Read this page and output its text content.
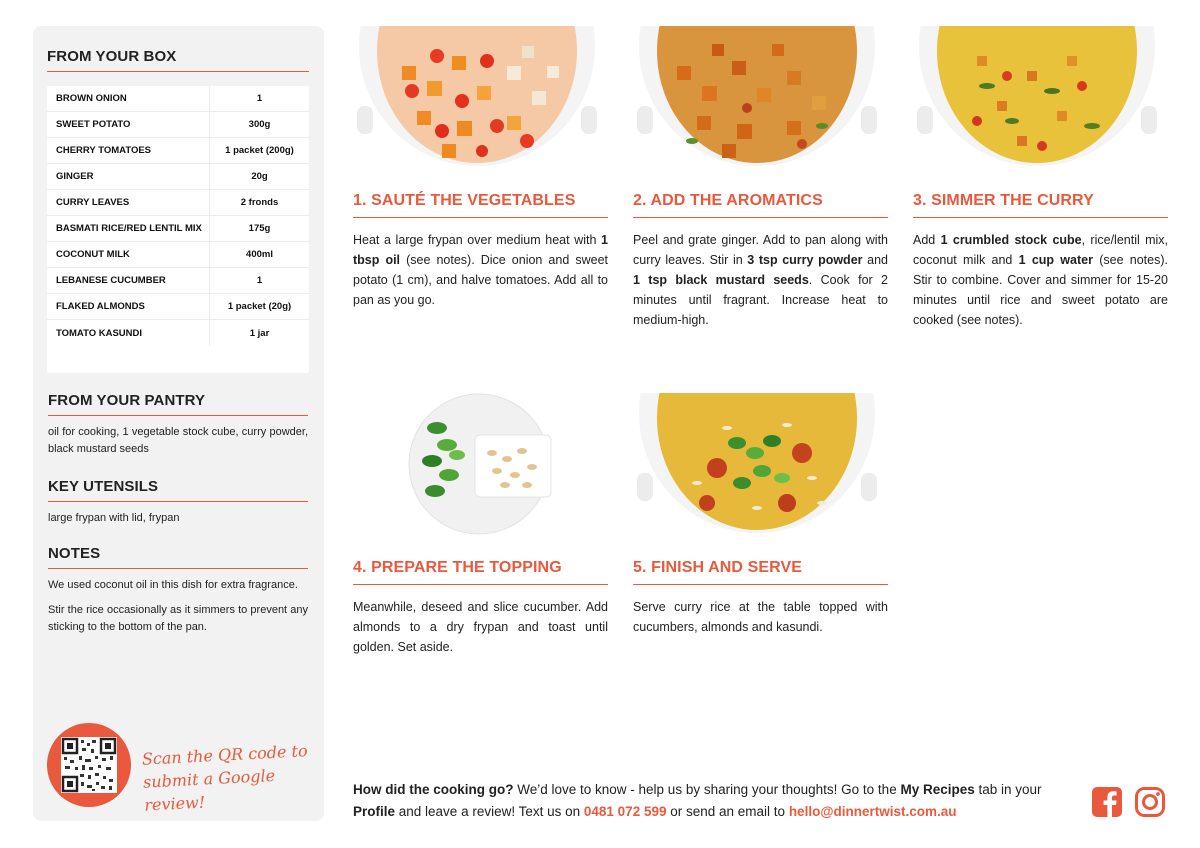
FROM YOUR BOX
BROWN ONION	1
SWEET POTATO	300g
CHERRY TOMATOES	1 packet (200g)
GINGER	20g
CURRY LEAVES	2 fronds
BASMATI RICE/RED LENTIL MIX	175g
COCONUT MILK	400ml
LEBANESE CUCUMBER	1
FLAKED ALMONDS	1 packet (20g)
TOMATO KASUNDI	1 jar
FROM YOUR PANTRY

oil for cooking, 1 vegetable stock cube, curry powder, black mustard seeds

KEY UTENSILS

large frypan with lid, frypan

NOTES

We used coconut oil in this dish for extra fragrance.

Stir the rice occasionally as it simmers to prevent any sticking to the bottom of the pan.

Scan the QR code to
submit a Google review!
1. SAUTÉ THE VEGETABLES
Heat a large frypan over medium heat with 1 tbsp oil (see notes). Dice onion and sweet potato (1 cm), and halve tomatoes. Add all to pan as you go.
2. ADD THE AROMATICS
Peel and grate ginger. Add to pan along with curry leaves. Stir in 3 tsp curry powder and 1 tsp black mustard seeds. Cook for 2 minutes until fragrant. Increase heat to medium-high.
3. SIMMER THE CURRY
Add 1 crumbled stock cube, rice/lentil mix, coconut milk and 1 cup water (see notes). Stir to combine. Cover and simmer for 15-20 minutes until rice and sweet potato are cooked (see notes).
4. PREPARE THE TOPPING
Meanwhile, deseed and slice cucumber. Add almonds to a dry frypan and toast until golden. Set aside.
5. FINISH AND SERVE
Serve curry rice at the table topped with cucumbers, almonds and kasundi.
How did the cooking go? We’d love to know - help us by sharing your thoughts! Go to the My Recipes tab in your Profile and leave a review! Text us on 0481 072 599 or send an email to hello@dinnertwist.com.au
